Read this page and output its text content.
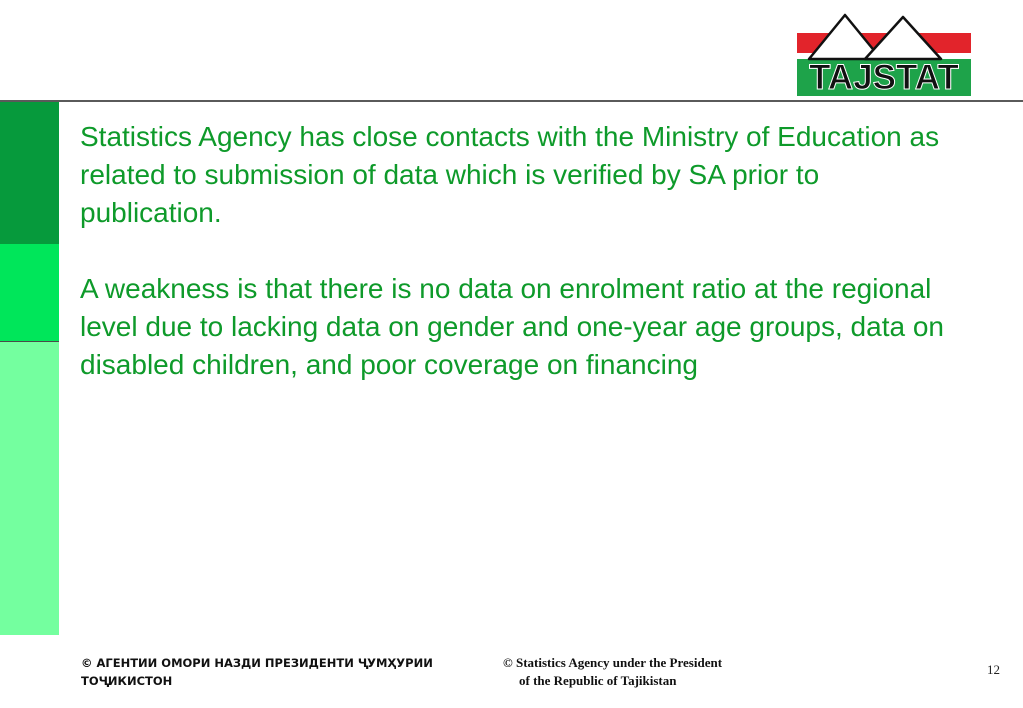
TAJSTAT

Statistics Agency has close contacts with the Ministry of Education as related to submission of data which is verified by SA prior to publication.

A weakness is that there is no data on enrolment ratio at the regional level due to lacking data on gender and one-year age groups, data on disabled children, and poor coverage on financing

© АГЕНТИИ ОМОРИ НАЗДИ ПРЕЗИДЕНТИ ҶУМҲУРИИ
ТОҶИКИСТОН
© Statistics Agency under the President
of the Republic of Tajikistan
12
